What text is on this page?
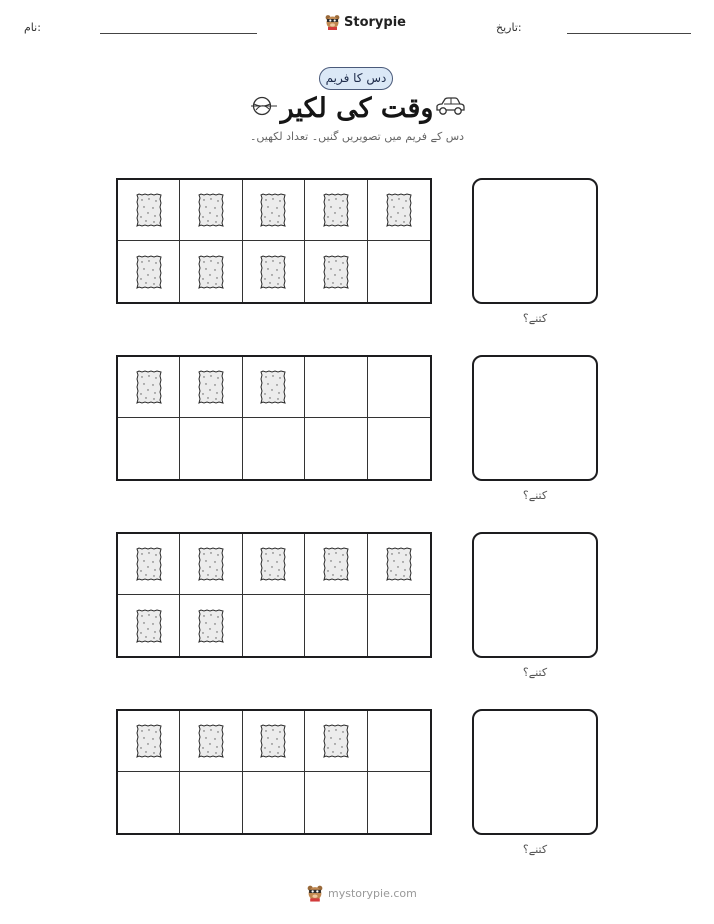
نام:	Storypie	تاریخ:
دس کا فریم
وقت کی لکیر
دس کے فریم میں تصویریں گنیں۔ تعداد لکھیں۔
کتنے؟
کتنے؟
کتنے؟
کتنے؟
mystorypie.com
